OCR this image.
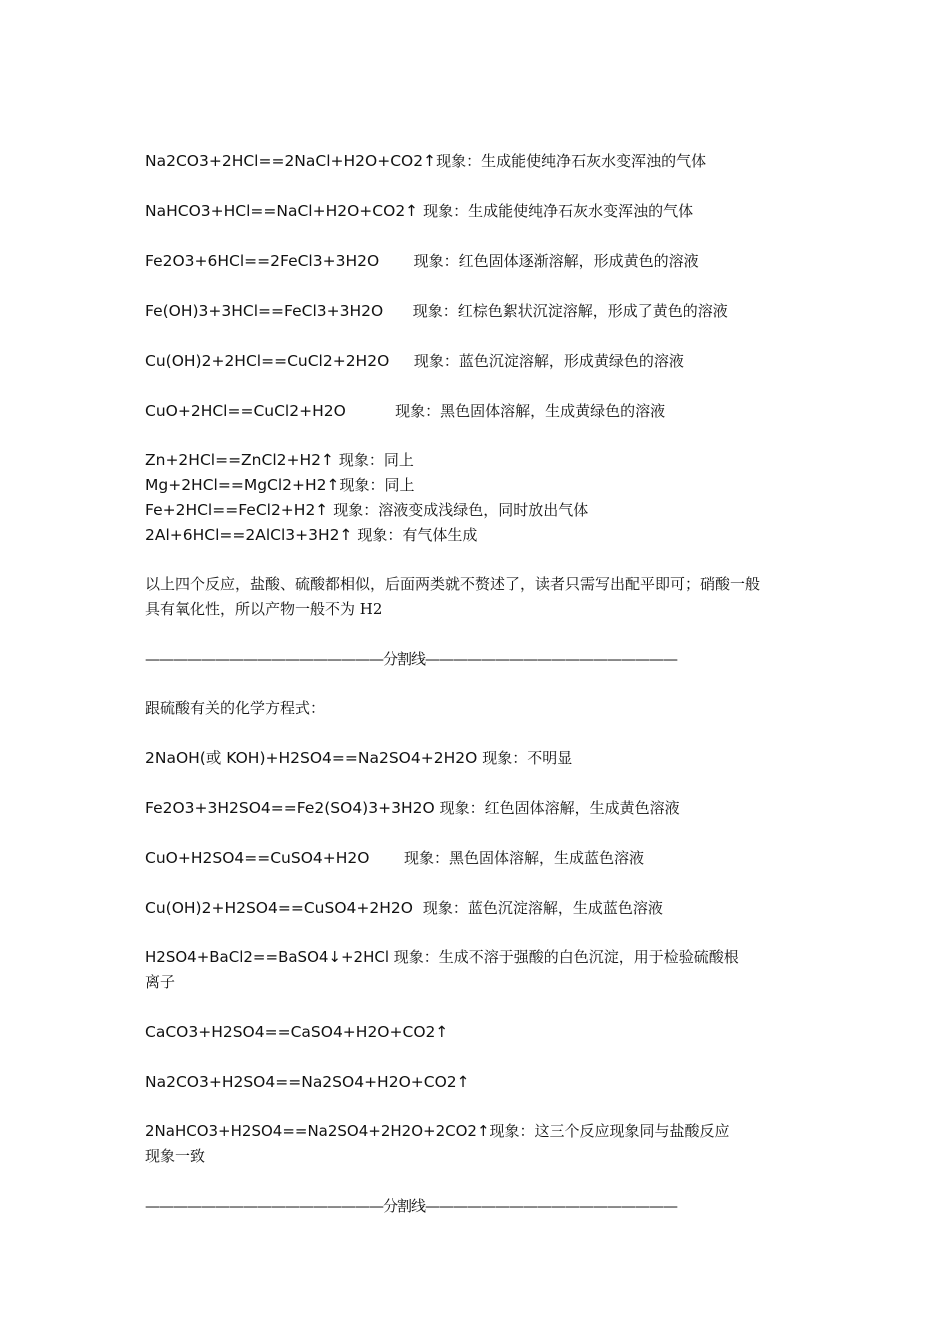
Na2CO3+2HCl==2NaCl+H2O+CO2↑现象：生成能使纯净石灰水变浑浊的气体
NaHCO3+HCl==NaCl+H2O+CO2↑ 现象：生成能使纯净石灰水变浑浊的气体
Fe2O3+6HCl==2FeCl3+3H2O       现象：红色固体逐渐溶解，形成黄色的溶液
Fe(OH)3+3HCl==FeCl3+3H2O      现象：红棕色絮状沉淀溶解，形成了黄色的溶液
Cu(OH)2+2HCl==CuCl2+2H2O     现象：蓝色沉淀溶解，形成黄绿色的溶液
CuO+2HCl==CuCl2+H2O          现象：黑色固体溶解，生成黄绿色的溶液
Zn+2HCl==ZnCl2+H2↑ 现象：同上
Mg+2HCl==MgCl2+H2↑现象：同上
Fe+2HCl==FeCl2+H2↑ 现象：溶液变成浅绿色，同时放出气体
2Al+6HCl==2AlCl3+3H2↑ 现象：有气体生成

以上四个反应，盐酸、硫酸都相似，后面两类就不赘述了，读者只需写出配平即可；硝酸一般

具有氧化性，所以产物一般不为 H2

—————————————————分割线——————————————————

跟硫酸有关的化学方程式：

2NaOH(或 KOH)+H2SO4==Na2SO4+2H2O 现象：不明显
Fe2O3+3H2SO4==Fe2(SO4)3+3H2O 现象：红色固体溶解，生成黄色溶液
CuO+H2SO4==CuSO4+H2O       现象：黑色固体溶解，生成蓝色溶液
Cu(OH)2+H2SO4==CuSO4+2H2O  现象：蓝色沉淀溶解，生成蓝色溶液

H2SO4+BaCl2==BaSO4↓+2HCl 现象：生成不溶于强酸的白色沉淀，用于检验硫酸根

离子

CaCO3+H2SO4==CaSO4+H2O+CO2↑
Na2CO3+H2SO4==Na2SO4+H2O+CO2↑

2NaHCO3+H2SO4==Na2SO4+2H2O+2CO2↑现象：这三个反应现象同与盐酸反应

现象一致

—————————————————分割线——————————————————
